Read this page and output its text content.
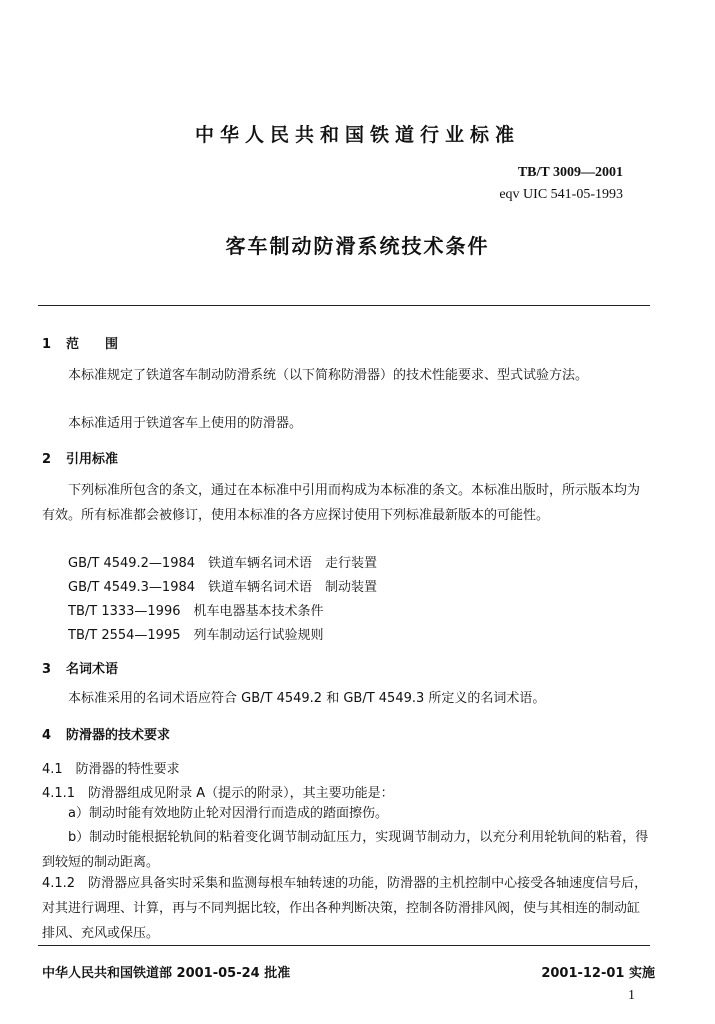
中华人民共和国铁道行业标准
TB/T 3009—2001
eqv UIC 541-05-1993
客车制动防滑系统技术条件
1 范　　围
本标准规定了铁道客车制动防滑系统（以下简称防滑器）的技术性能要求、型式试验方法。
本标准适用于铁道客车上使用的防滑器。
2 引用标准
下列标准所包含的条文，通过在本标准中引用而构成为本标准的条文。本标准出版时，所示版本均为有效。所有标准都会被修订，使用本标准的各方应探讨使用下列标准最新版本的可能性。
GB/T 4549.2—1984　铁道车辆名词术语　走行装置
GB/T 4549.3—1984　铁道车辆名词术语　制动装置
TB/T 1333—1996　机车电器基本技术条件
TB/T 2554—1995　列车制动运行试验规则
3 名词术语
本标准采用的名词术语应符合 GB/T 4549.2 和 GB/T 4549.3 所定义的名词术语。
4 防滑器的技术要求
4.1　防滑器的特性要求
4.1.1　防滑器组成见附录 A（提示的附录），其主要功能是：
a）制动时能有效地防止轮对因滑行而造成的踏面擦伤。
b）制动时能根据轮轨间的粘着变化调节制动缸压力，实现调节制动力，以充分利用轮轨间的粘着，得到较短的制动距离。
4.1.2　防滑器应具备实时采集和监测每根车轴转速的功能，防滑器的主机控制中心接受各轴速度信号后，对其进行调理、计算，再与不同判据比较，作出各种判断决策，控制各防滑排风阀，使与其相连的制动缸排风、充风或保压。
中华人民共和国铁道部 2001-05-24 批准	2001-12-01 实施
1
